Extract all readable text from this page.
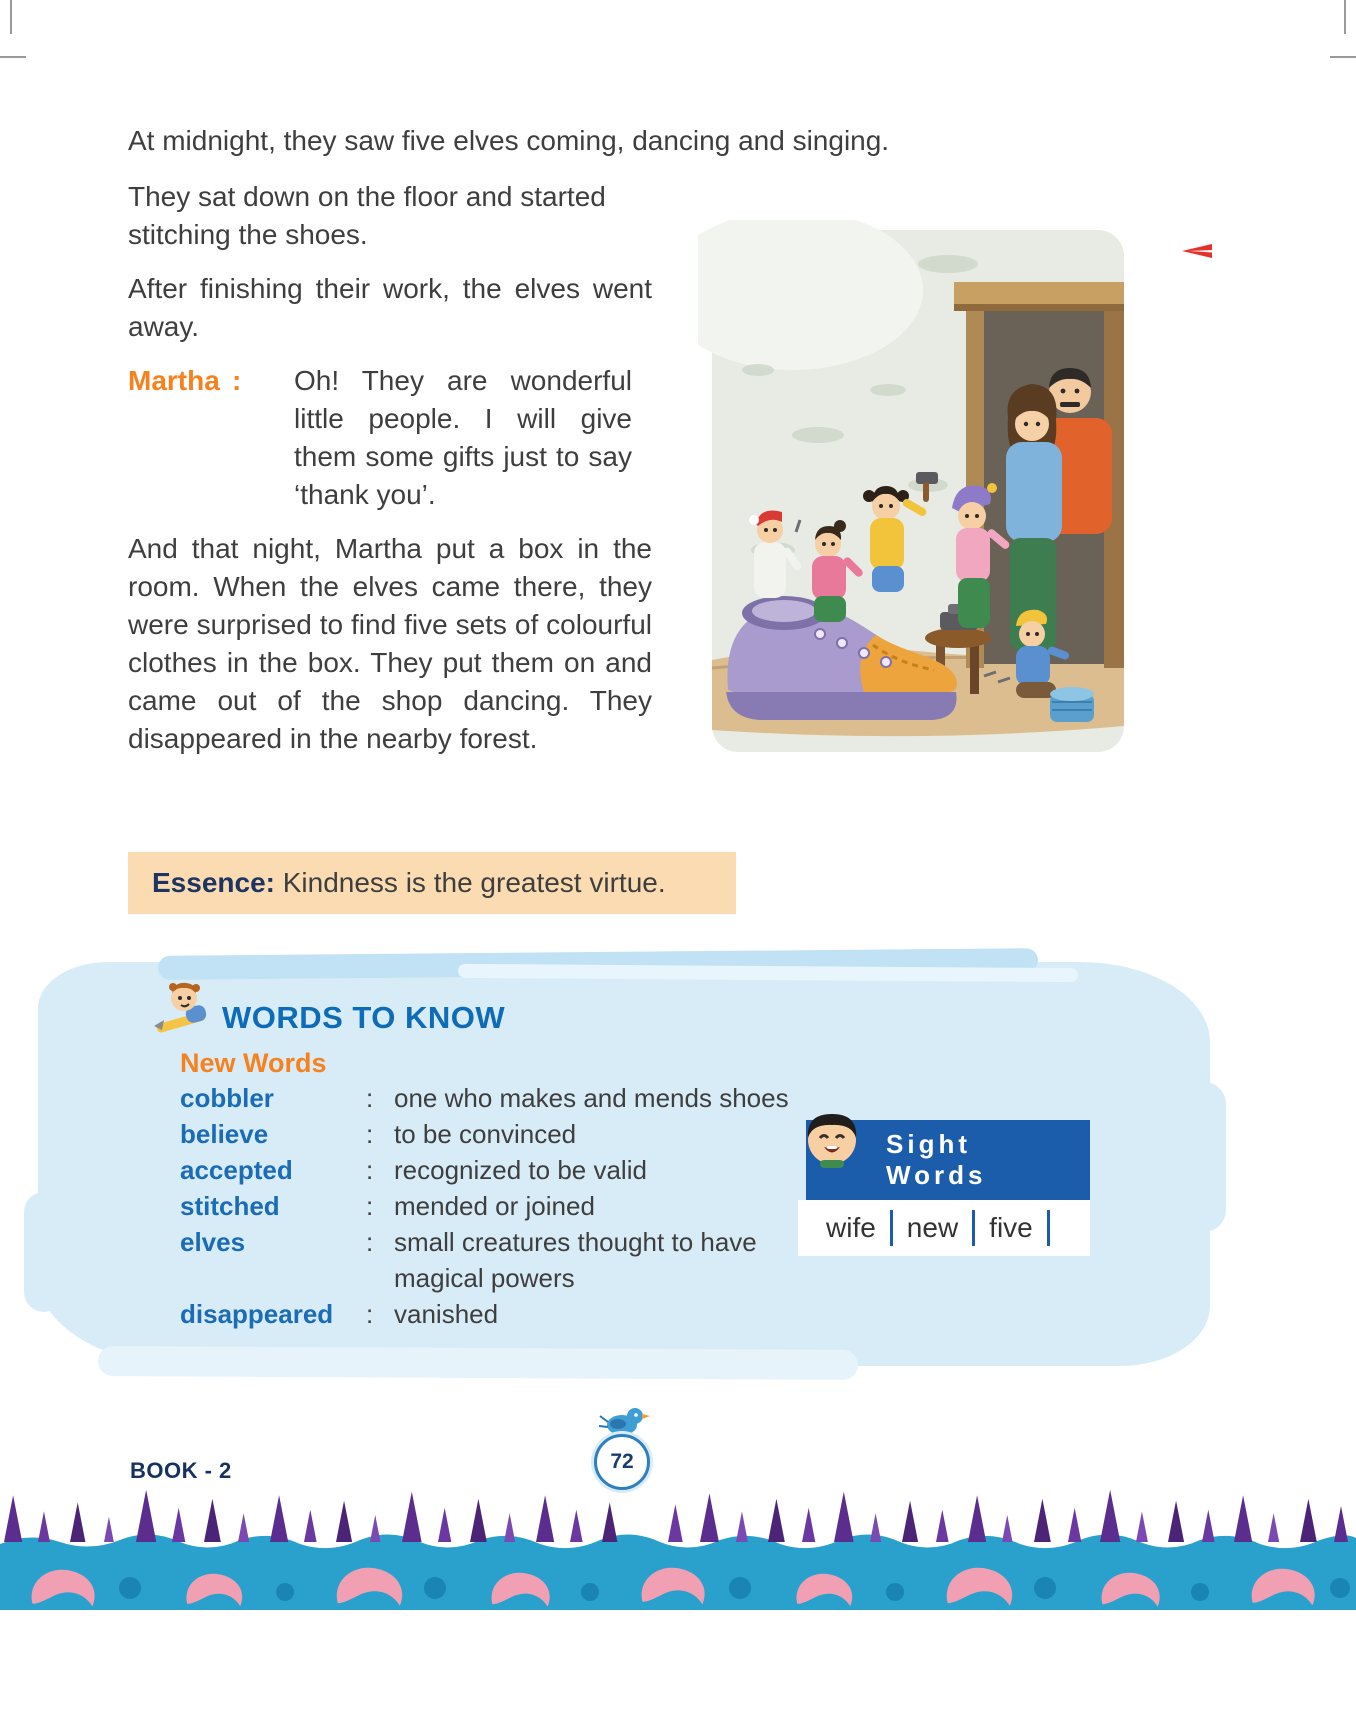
At midnight, they saw five elves coming, dancing and singing.

They sat down on the floor and started stitching the shoes.

After finishing their work, the elves went away.

Martha :	Oh! They are wonderful little people. I will give them some gifts just to say ‘thank you’.

And that night, Martha put a box in the room. When the elves came there, they were surprised to find five sets of colourful clothes in the box. They put them on and came out of the shop dancing. They disappeared in the nearby forest.

Essence: Kindness is the greatest virtue.
WORDS TO KNOW
New Words
cobbler	: one who makes and mends shoes
believe	: to be convinced
accepted	: recognized to be valid
stitched	: mended or joined
elves	: small creatures thought to have magical powers
disappeared	: vanished
Sight Words
wife	new	five
BOOK - 2	72
